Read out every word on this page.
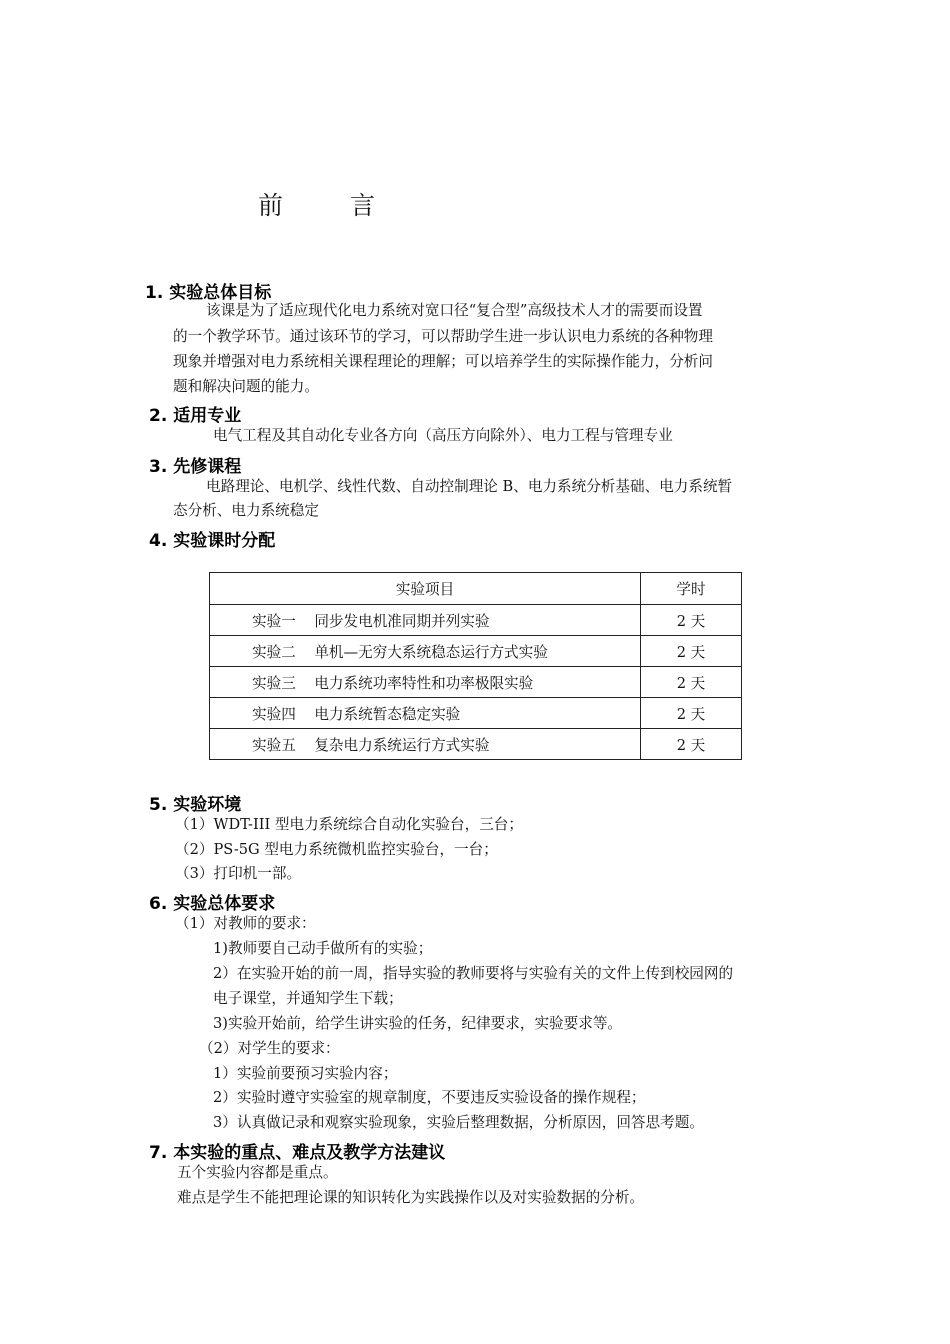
前	言
1. 实验总体目标
该课是为了适应现代化电力系统对宽口径“复合型”高级技术人才的需要而设置
的一个教学环节。通过该环节的学习，可以帮助学生进一步认识电力系统的各种物理
现象并增强对电力系统相关课程理论的理解；可以培养学生的实际操作能力，分析问
题和解决问题的能力。
2. 适用专业
电气工程及其自动化专业各方向（高压方向除外）、电力工程与管理专业
3. 先修课程
电路理论、电机学、线性代数、自动控制理论 B、电力系统分析基础、电力系统暂
态分析、电力系统稳定
4. 实验课时分配
实验项目	学时
实验一    同步发电机准同期并列实验	2 天
实验二    单机—无穷大系统稳态运行方式实验	2 天
实验三    电力系统功率特性和功率极限实验	2 天
实验四    电力系统暂态稳定实验	2 天
实验五    复杂电力系统运行方式实验	2 天
5. 实验环境
（1）WDT-III 型电力系统综合自动化实验台，三台；
（2）PS-5G 型电力系统微机监控实验台，一台；
（3）打印机一部。
6. 实验总体要求
（1）对教师的要求：
1)教师要自己动手做所有的实验；
2）在实验开始的前一周，指导实验的教师要将与实验有关的文件上传到校园网的
电子课堂，并通知学生下载；
3)实验开始前，给学生讲实验的任务，纪律要求，实验要求等。
（2）对学生的要求：
1）实验前要预习实验内容；
2）实验时遵守实验室的规章制度，不要违反实验设备的操作规程；
3）认真做记录和观察实验现象，实验后整理数据，分析原因，回答思考题。
7. 本实验的重点、难点及教学方法建议
五个实验内容都是重点。
难点是学生不能把理论课的知识转化为实践操作以及对实验数据的分析。
